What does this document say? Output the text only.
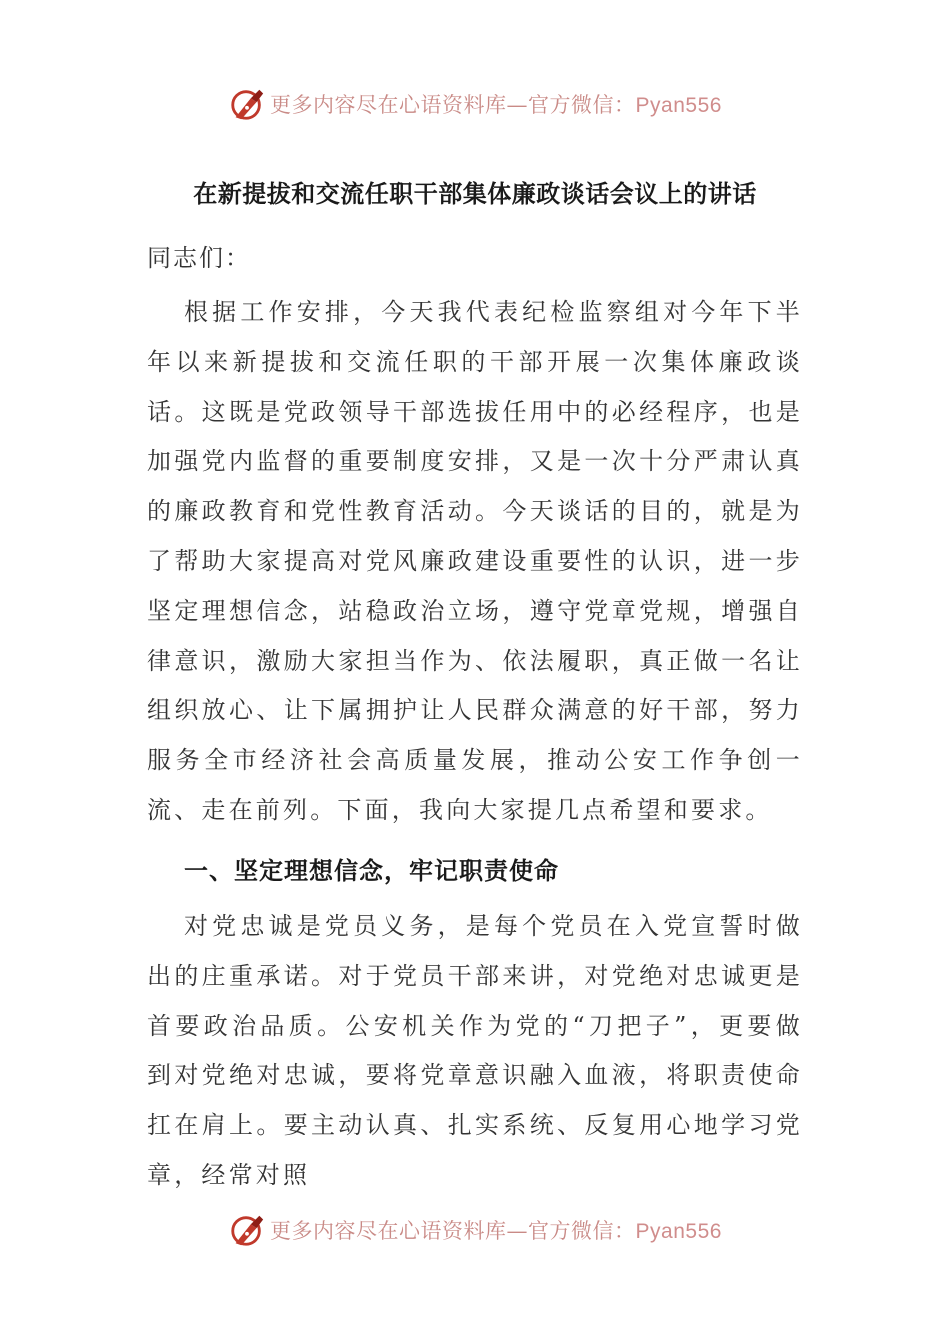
更多内容尽在心语资料库—官方微信：Pyan556
在新提拔和交流任职干部集体廉政谈话会议上的讲话
同志们：

根据工作安排，今天我代表纪检监察组对今年下半年以来新提拔和交流任职的干部开展一次集体廉政谈话。这既是党政领导干部选拔任用中的必经程序，也是加强党内监督的重要制度安排，又是一次十分严肃认真的廉政教育和党性教育活动。今天谈话的目的，就是为了帮助大家提高对党风廉政建设重要性的认识，进一步坚定理想信念，站稳政治立场，遵守党章党规，增强自律意识，激励大家担当作为、依法履职，真正做一名让组织放心、让下属拥护让人民群众满意的好干部，努力服务全市经济社会高质量发展，推动公安工作争创一流、走在前列。下面，我向大家提几点希望和要求。

一、坚定理想信念，牢记职责使命

对党忠诚是党员义务，是每个党员在入党宣誓时做出的庄重承诺。对于党员干部来讲，对党绝对忠诚更是首要政治品质。公安机关作为党的“刀把子”，更要做到对党绝对忠诚，要将党章意识融入血液，将职责使命扛在肩上。要主动认真、扎实系统、反复用心地学习党章，经常对照

更多内容尽在心语资料库—官方微信：Pyan556
